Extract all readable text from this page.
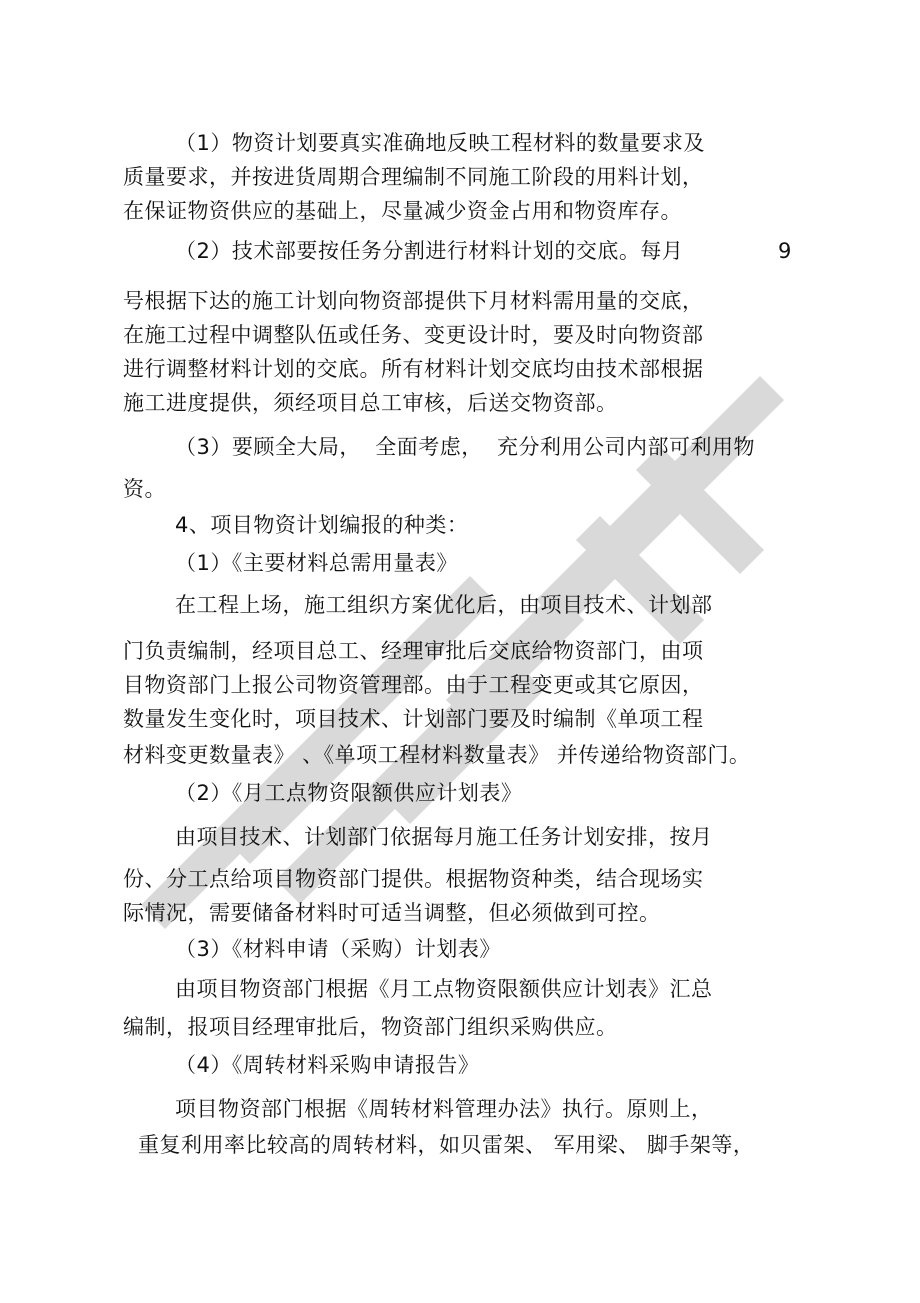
（1）物资计划要真实准确地反映工程材料的数量要求及
质量要求，并按进货周期合理编制不同施工阶段的用料计划，
在保证物资供应的基础上，尽量减少资金占用和物资库存。
（2）技术部要按任务分割进行材料计划的交底。每月	9
号根据下达的施工计划向物资部提供下月材料需用量的交底，
在施工过程中调整队伍或任务、变更设计时，要及时向物资部
进行调整材料计划的交底。所有材料计划交底均由技术部根据
施工进度提供，须经项目总工审核，后送交物资部。
（3）要顾全大局，  全面考虑，  充分利用公司内部可利用物
资。
4、项目物资计划编报的种类：
（1）《主要材料总需用量表》
在工程上场，施工组织方案优化后，由项目技术、计划部
门负责编制，经项目总工、经理审批后交底给物资部门，由项
目物资部门上报公司物资管理部。由于工程变更或其它原因，
数量发生变化时，项目技术、计划部门要及时编制《单项工程
材料变更数量表》 、《单项工程材料数量表》 并传递给物资部门。
（2）《月工点物资限额供应计划表》
由项目技术、计划部门依据每月施工任务计划安排，按月
份、分工点给项目物资部门提供。根据物资种类，结合现场实
际情况，需要储备材料时可适当调整，但必须做到可控。
（3）《材料申请（采购）计划表》
由项目物资部门根据《月工点物资限额供应计划表》汇总
编制，报项目经理审批后，物资部门组织采购供应。
（4）《周转材料采购申请报告》
项目物资部门根据《周转材料管理办法》执行。原则上，
重复利用率比较高的周转材料，如贝雷架、 军用梁、 脚手架等，
